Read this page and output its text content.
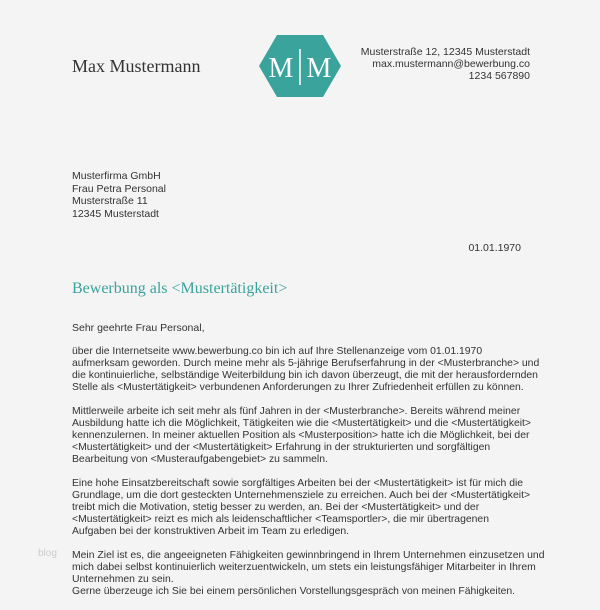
Max Mustermann M M
Musterstraße 12, 12345 Musterstadt
max.mustermann@bewerbung.co
1234 567890
Musterfirma GmbH
Frau Petra Personal
Musterstraße 11
12345 Musterstadt
01.01.1970
Bewerbung als <Mustertätigkeit>
Sehr geehrte Frau Personal,
über die Internetseite www.bewerbung.co bin ich auf Ihre Stellenanzeige vom 01.01.1970
aufmerksam geworden. Durch meine mehr als 5-jährige Berufserfahrung in der <Musterbranche> und
die kontinuierliche, selbständige Weiterbildung bin ich davon überzeugt, die mit der herausfordernden
Stelle als <Mustertätigkeit> verbundenen Anforderungen zu Ihrer Zufriedenheit erfüllen zu können.
Mittlerweile arbeite ich seit mehr als fünf Jahren in der <Musterbranche>. Bereits während meiner
Ausbildung hatte ich die Möglichkeit, Tätigkeiten wie die <Mustertätigkeit> und die <Mustertätigkeit>
kennenzulernen. In meiner aktuellen Position als <Musterposition> hatte ich die Möglichkeit, bei der
<Mustertätigkeit> und der <Mustertätigkeit> Erfahrung in der strukturierten und sorgfältigen
Bearbeitung von <Musteraufgabengebiet> zu sammeln.
Eine hohe Einsatzbereitschaft sowie sorgfältiges Arbeiten bei der <Mustertätigkeit> ist für mich die
Grundlage, um die dort gesteckten Unternehmensziele zu erreichen. Auch bei der <Mustertätigkeit>
treibt mich die Motivation, stetig besser zu werden, an. Bei der <Mustertätigkeit> und der
<Mustertätigkeit> reizt es mich als leidenschaftlicher <Teamsportler>, die mir übertragenen
Aufgaben bei der konstruktiven Arbeit im Team zu erledigen.
Mein Ziel ist es, die angeeigneten Fähigkeiten gewinnbringend in Ihrem Unternehmen einzusetzen und
mich dabei selbst kontinuierlich weiterzuentwickeln, um stets ein leistungsfähiger Mitarbeiter in Ihrem
Unternehmen zu sein.
Gerne überzeuge ich Sie bei einem persönlichen Vorstellungsgespräch von meinen Fähigkeiten.
blog
